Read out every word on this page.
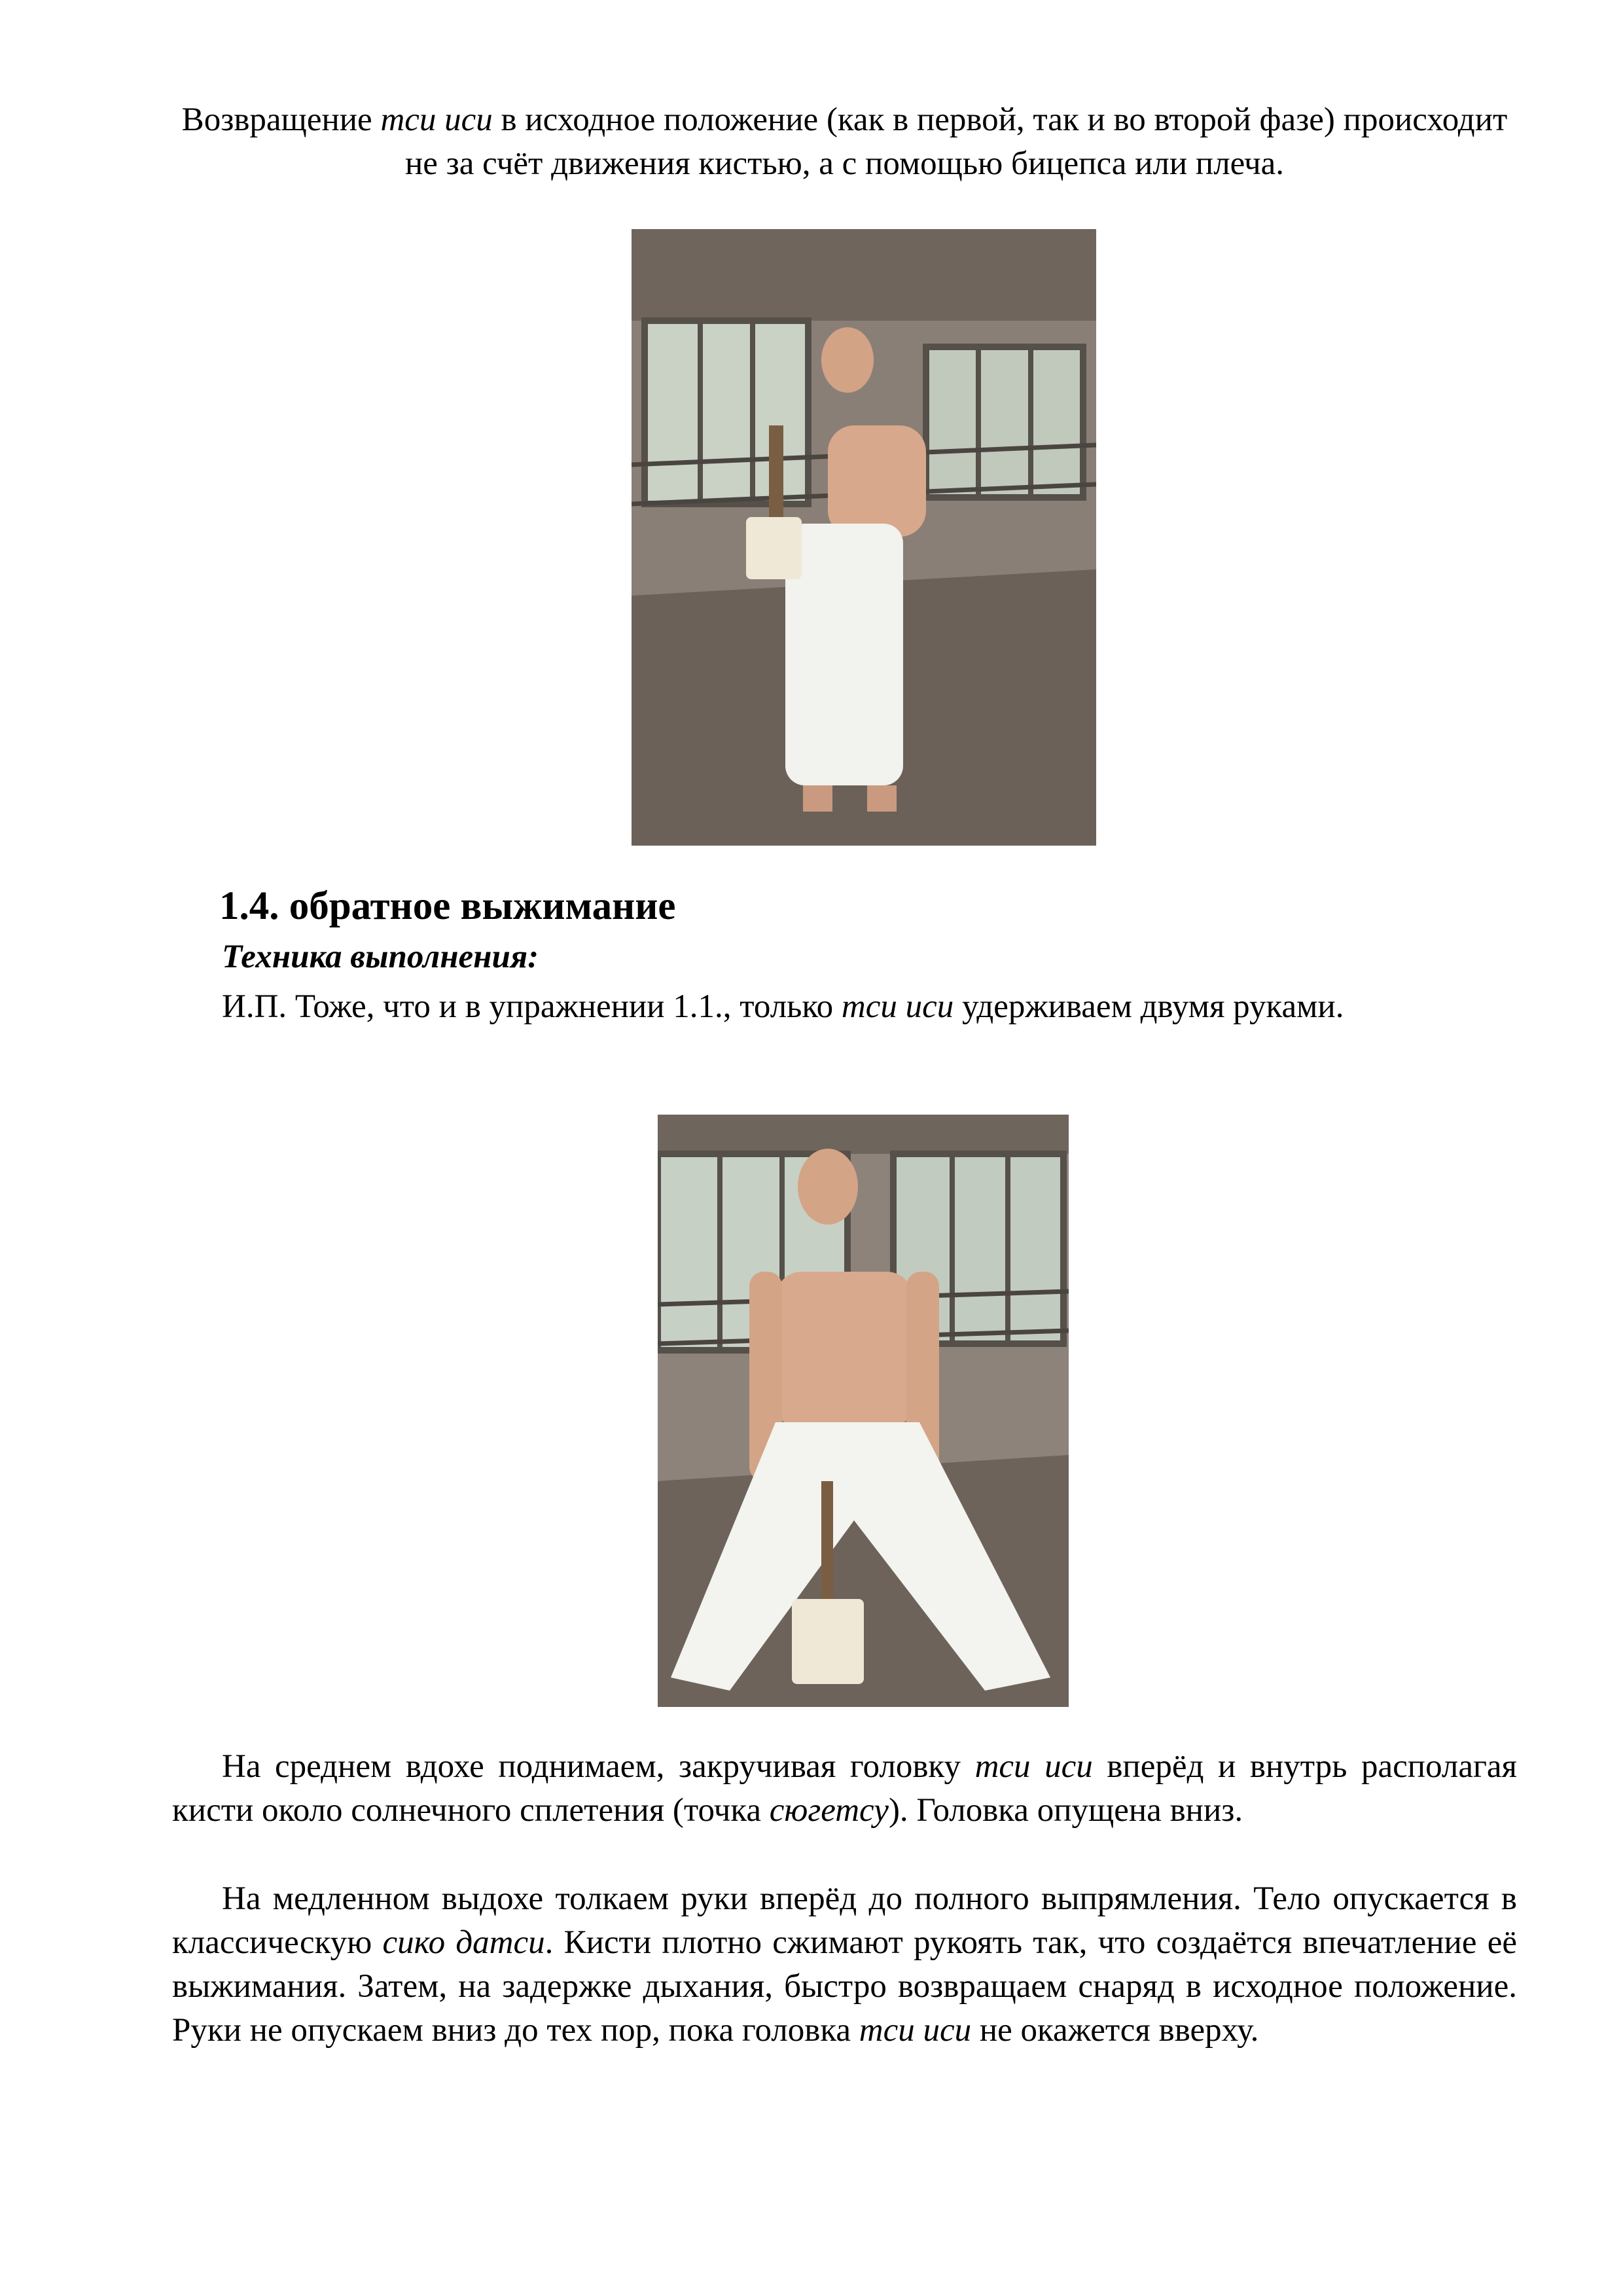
Возвращение тси иси в исходное положение (как в первой, так и во второй фазе) происходит не за счёт движения кистью, а с помощью бицепса или плеча.

1.4. обратное выжимание
Техника выполнения:

И.П. Тоже, что и в упражнении 1.1., только тси иси удерживаем двумя руками.

На среднем вдохе поднимаем, закручивая головку тси иси вперёд и внутрь располагая кисти около солнечного сплетения (точка сюгетсу). Головка опущена вниз.

На медленном выдохе толкаем руки вперёд до полного выпрямления. Тело опускается в классическую сико датси. Кисти плотно сжимают рукоять так, что создаётся впечатление её выжимания. Затем, на задержке дыхания, быстро возвращаем снаряд в исходное положение. Руки не опускаем вниз до тех пор, пока головка тси иси не окажется вверху.
